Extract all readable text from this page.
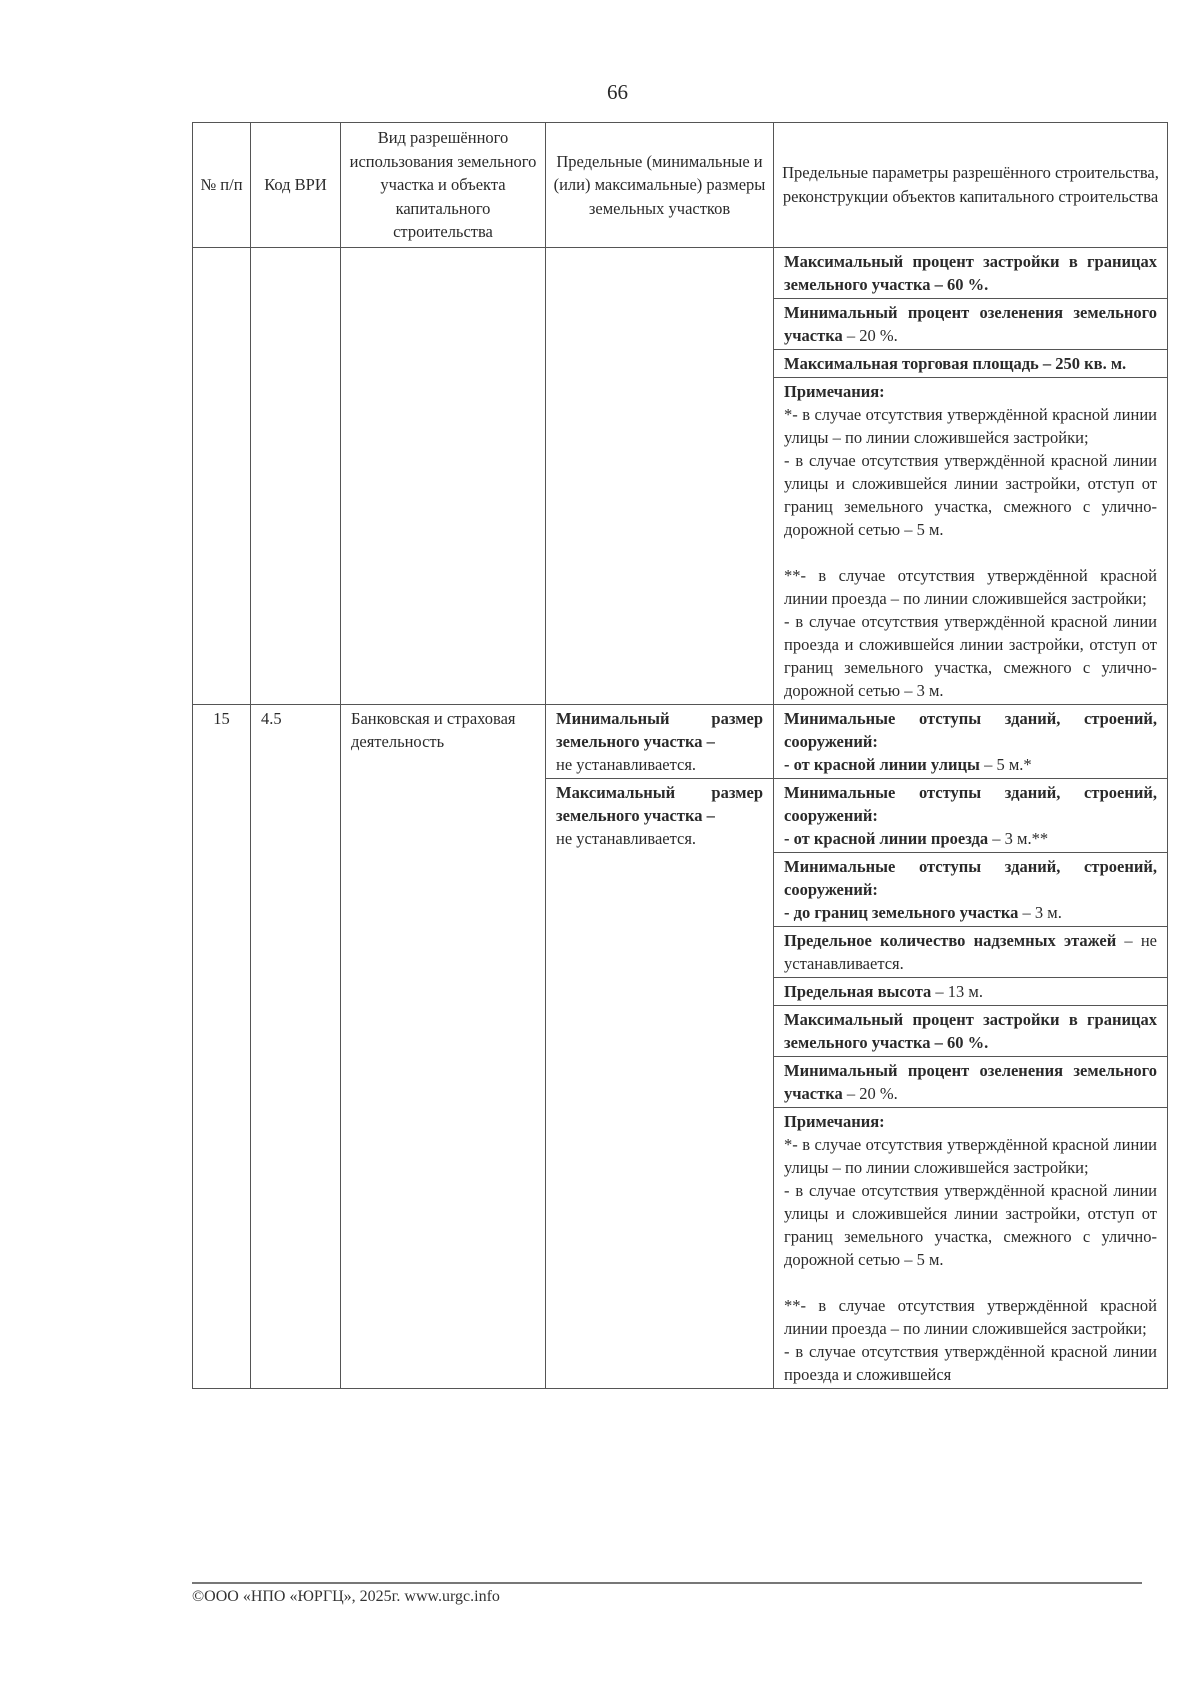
66
№ п/п	Код ВРИ	Вид разрешённого использования земельного участка и объекта капитального строительства	Предельные (минимальные и (или) максимальные) размеры земельных участков	Предельные параметры разрешённого строительства, реконструкции объектов капитального строительства
				Максимальный процент застройки в границах земельного участка – 60 %.
				Минимальный процент озеленения земельного участка – 20 %.
				Максимальная торговая площадь – 250 кв. м.

				Примечания:
*- в случае отсутствия утверждённой красной линии улицы – по линии сложившейся застройки;
- в случае отсутствия утверждённой красной линии улицы и сложившейся линии застройки, отступ от границ земельного участка, смежного с улично-дорожной сетью – 5 м.
**- в случае отсутствия утверждённой красной линии проезда – по линии сложившейся застройки;
- в случае отсутствия утверждённой красной линии проезда и сложившейся линии застройки, отступ от границ земельного участка, смежного с улично-дорожной сетью – 3 м.

15	4.5	Банковская и страховая деятельность	Минимальный размер земельного участка –
не устанавливается.	Минимальные отступы зданий, строений, сооружений:
- от красной линии улицы – 5 м.*
			Максимальный размер земельного участка –
не устанавливается.	Минимальные отступы зданий, строений, сооружений:
- от красной линии проезда – 3 м.**

				Минимальные отступы зданий, строений, сооружений:
- до границ земельного участка – 3 м.
				Предельное количество надземных этажей – не устанавливается.
				Предельная высота – 13 м.
				Максимальный процент застройки в границах земельного участка – 60 %.
				Минимальный процент озеленения земельного участка – 20 %.

				Примечания:
*- в случае отсутствия утверждённой красной линии улицы – по линии сложившейся застройки;
- в случае отсутствия утверждённой красной линии улицы и сложившейся линии застройки, отступ от границ земельного участка, смежного с улично-дорожной сетью – 5 м.
**- в случае отсутствия утверждённой красной линии проезда – по линии сложившейся застройки;
- в случае отсутствия утверждённой красной линии проезда и сложившейся
©ООО «НПО «ЮРГЦ», 2025г. www.urgc.info
